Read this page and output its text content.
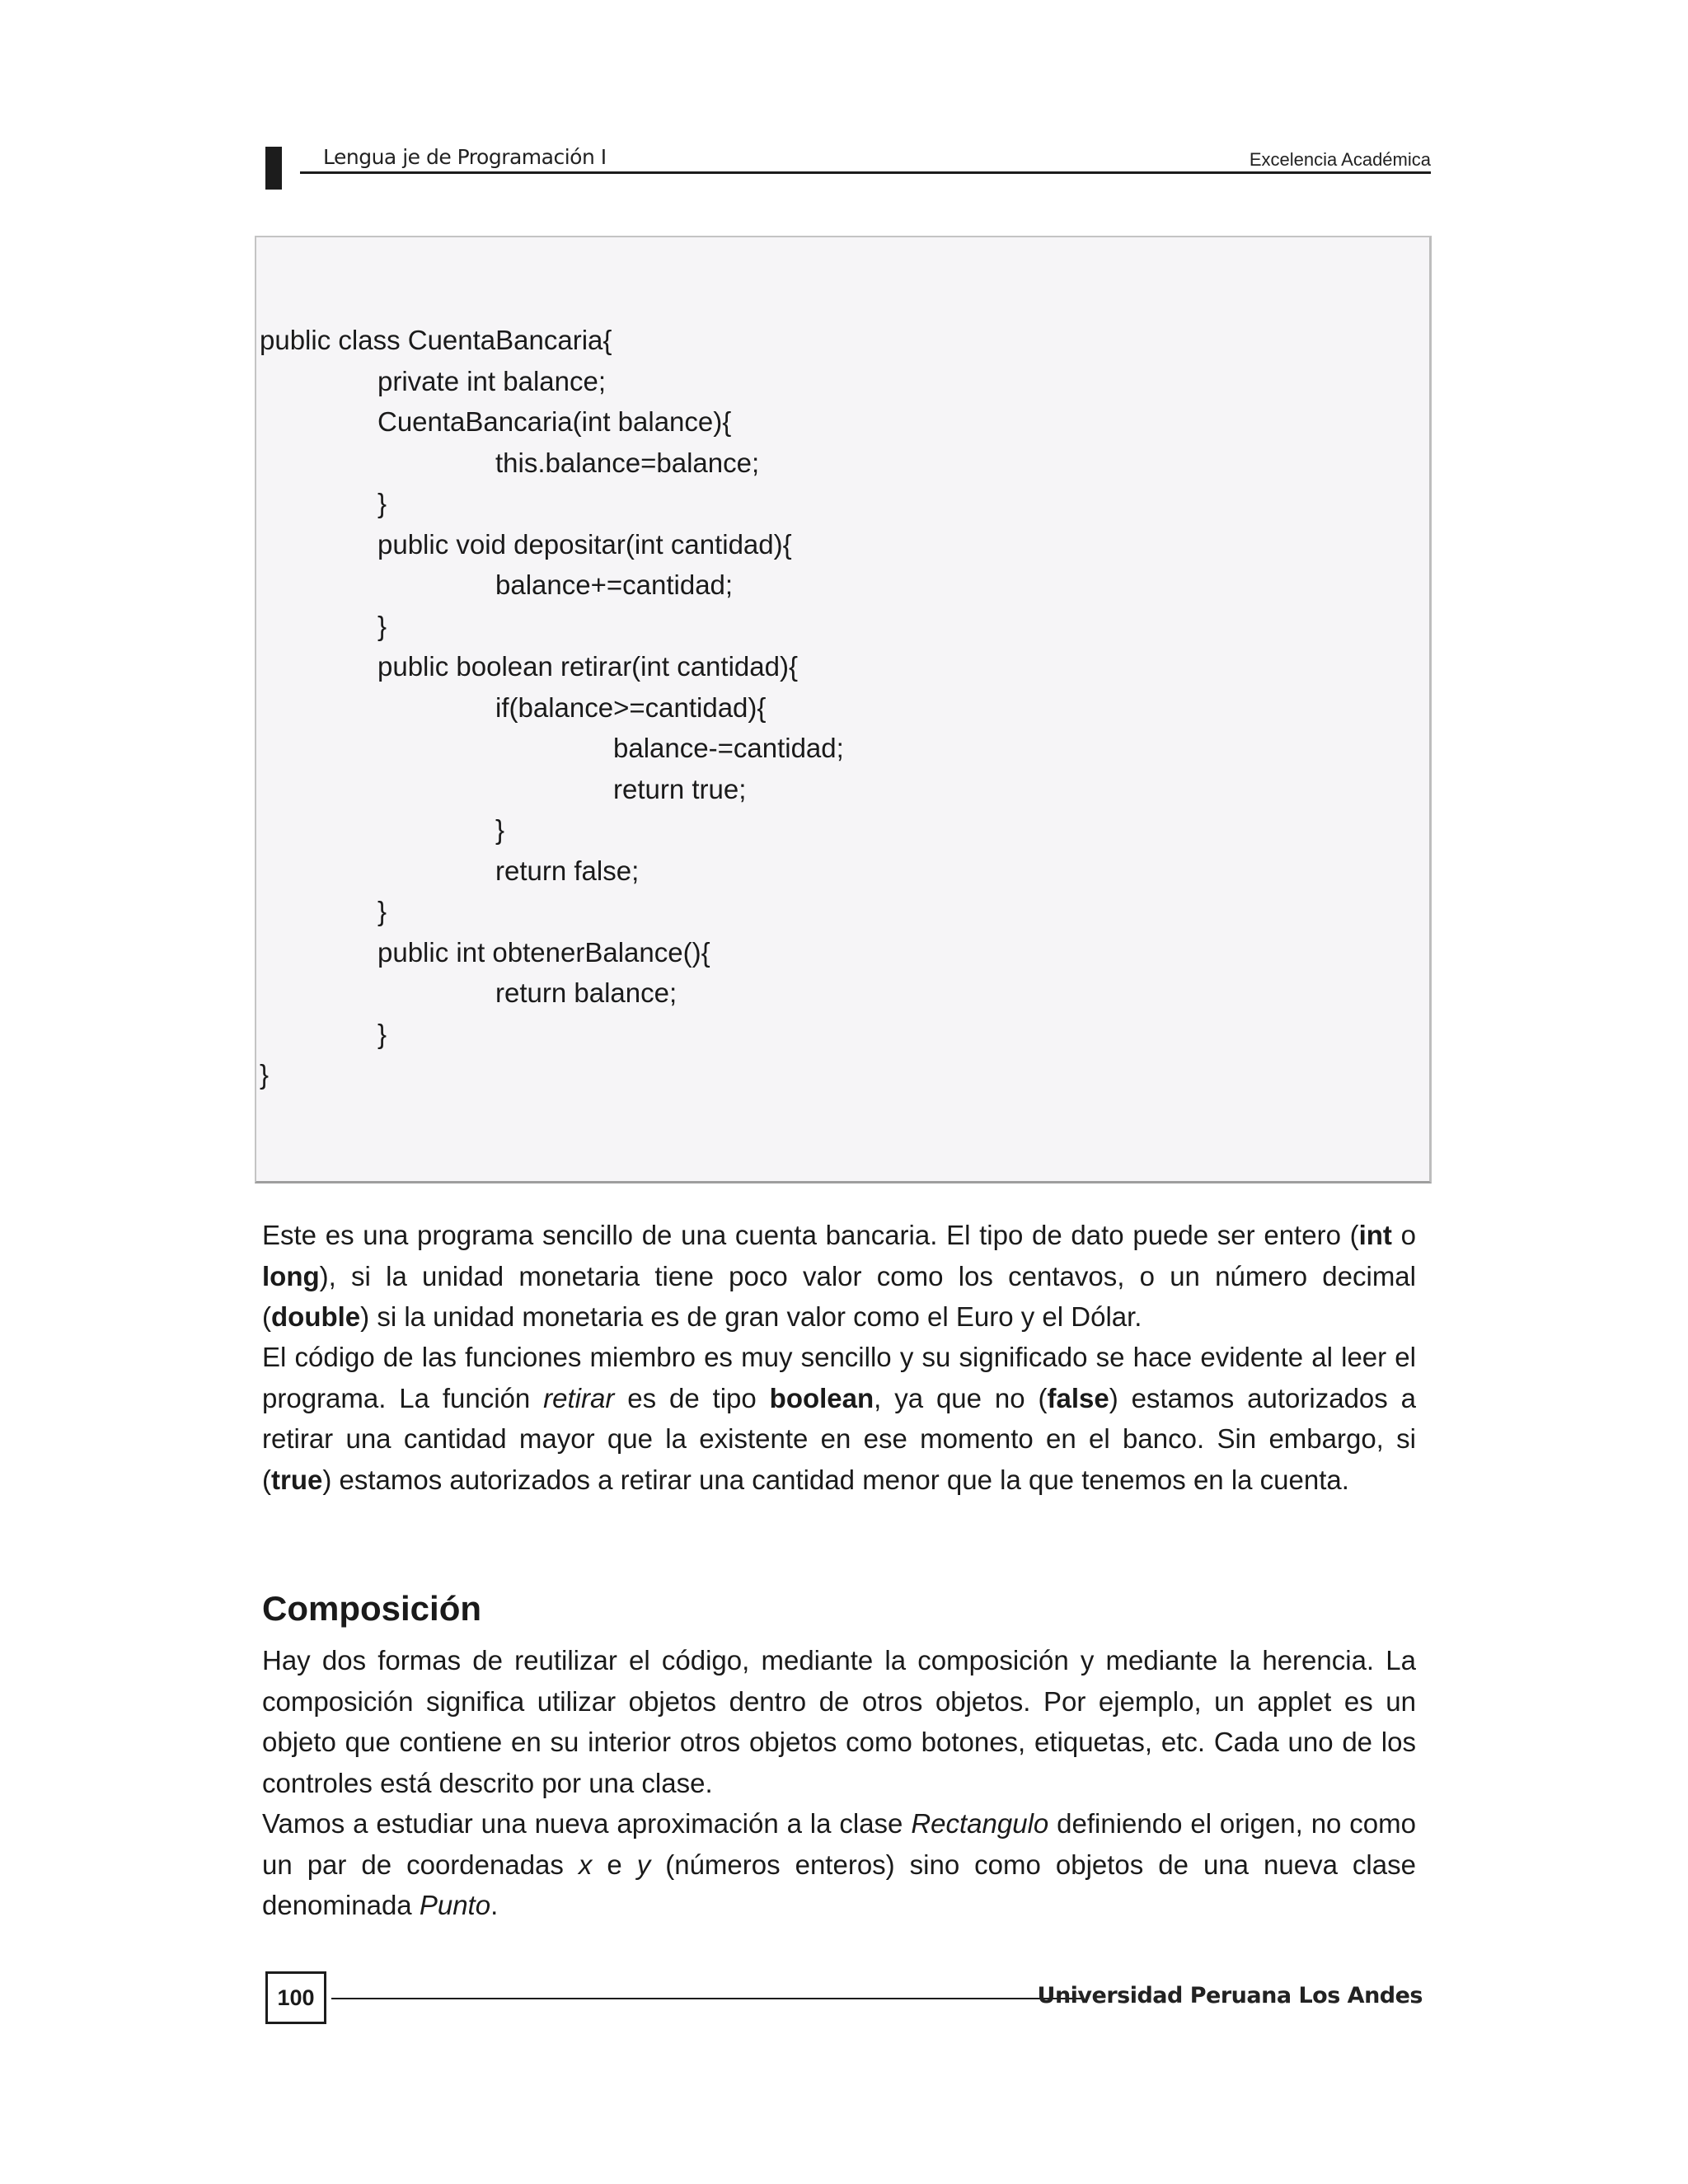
Lengua je de Programación I	Excelencia Académica
public class CuentaBancaria{
private int balance;
CuentaBancaria(int balance){
this.balance=balance;
}
public void depositar(int cantidad){
balance+=cantidad;
}
public boolean retirar(int cantidad){
if(balance>=cantidad){
balance-=cantidad;
return true;
}
return false;
}
public int obtenerBalance(){
return balance;
}
}

Este es una programa sencillo de una cuenta bancaria. El tipo de dato puede ser entero (int o long), si la unidad monetaria tiene poco valor como los centavos, o un número decimal (double) si la unidad monetaria es de gran valor como el Euro y el Dólar.

El código de las funciones miembro es muy sencillo y su significado se hace evidente al leer el programa. La función retirar es de tipo boolean, ya que no (false) estamos autorizados a retirar una cantidad mayor que la existente en ese momento en el banco. Sin embargo, si (true) estamos autorizados a retirar una cantidad menor que la que tenemos en la cuenta.

Composición

Hay dos formas de reutilizar el código, mediante la composición y mediante la herencia. La composición significa utilizar objetos dentro de otros objetos. Por ejemplo, un applet es un objeto que contiene en su interior otros objetos como botones, etiquetas, etc. Cada uno de los controles está descrito por una clase.

Vamos a estudiar una nueva aproximación a la clase Rectangulo definiendo el origen, no como un par de coordenadas x e y (números enteros) sino como objetos de una nueva clase denominada Punto.

100	Universidad Peruana Los Andes
